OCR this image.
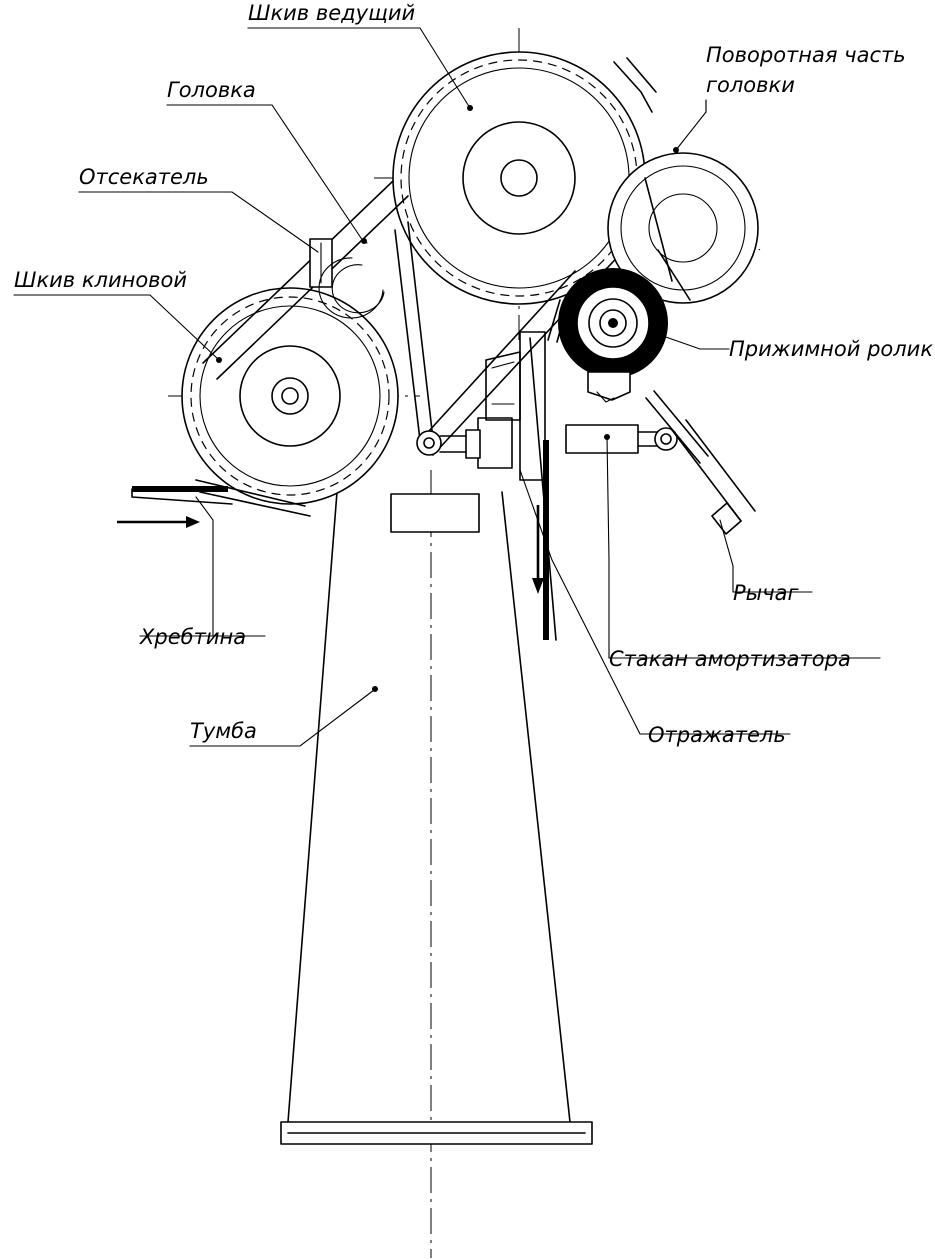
Шкив ведущий
Головка
Отсекатель
Шкив клиновой
Поворотная часть
головки
Прижимной ролик
Рычаг
Стакан амортизатора
Отражатель
Хребтина
Тумба
